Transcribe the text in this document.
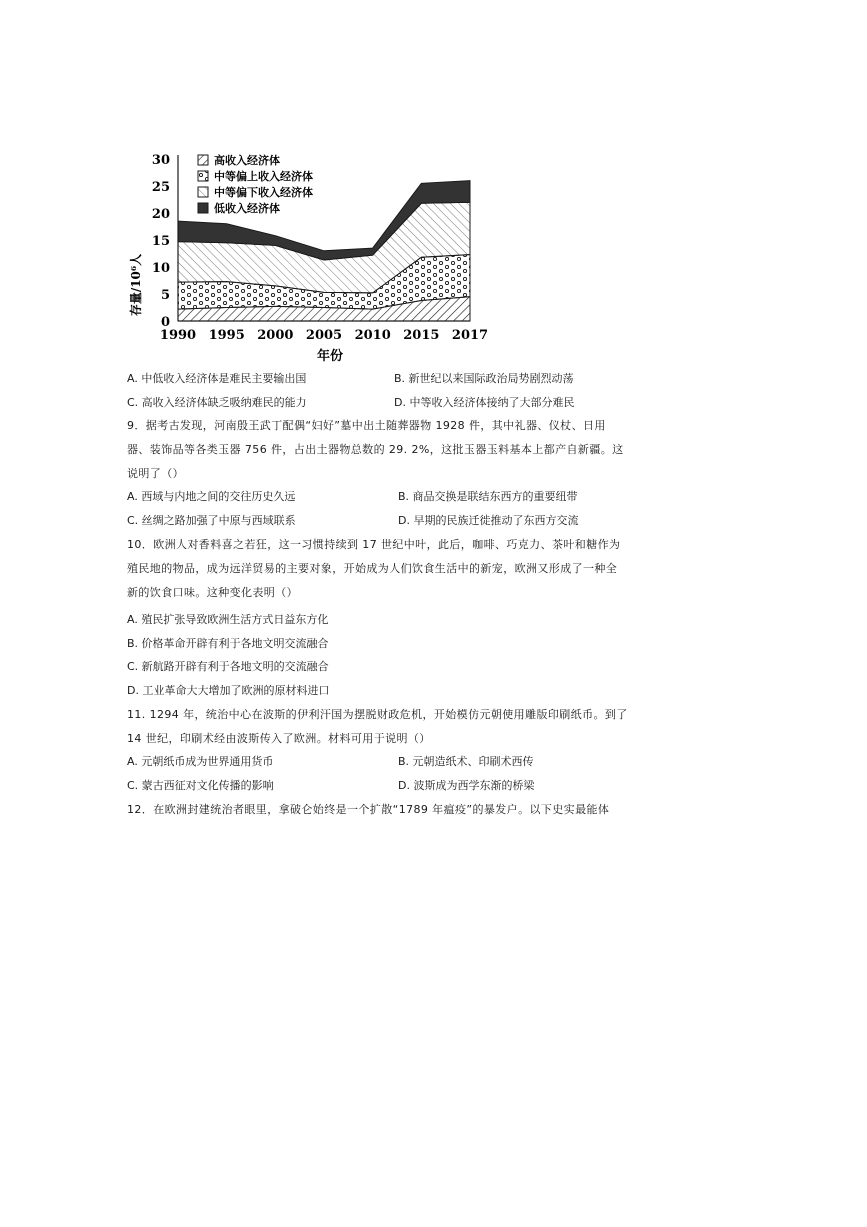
0
5
10
15
20
25
30
1990 1995 2000 2005 2010 2015 2017
高收入经济体
中等偏上收入经济体
中等偏下收入经济体
低收入经济体
存量/10⁶人
年份
A. 中低收入经济体是难民主要输出国	B. 新世纪以来国际政治局势剧烈动荡
C. 高收入经济体缺乏吸纳难民的能力	D. 中等收入经济体接纳了大部分难民
9．据考古发现，河南殷王武丁配偶“妇好”墓中出土随葬器物 1928 件，其中礼器、仪杖、日用
器、装饰品等各类玉器 756 件，占出土器物总数的 29. 2%，这批玉器玉料基本上都产自新疆。这
说明了（）
A. 西域与内地之间的交往历史久远	B. 商品交换是联结东西方的重要纽带
C. 丝绸之路加强了中原与西域联系	D. 早期的民族迁徙推动了东西方交流
10．欧洲人对香料喜之若狂，这一习惯持续到 17 世纪中叶，此后，咖啡、巧克力、茶叶和糖作为
殖民地的物品，成为远洋贸易的主要对象，开始成为人们饮食生活中的新宠，欧洲又形成了一种全
新的饮食口味。这种变化表明（）
A. 殖民扩张导致欧洲生活方式日益东方化
B. 价格革命开辟有利于各地文明交流融合
C. 新航路开辟有利于各地文明的交流融合
D. 工业革命大大增加了欧洲的原材料进口
11. 1294 年，统治中心在波斯的伊利汗国为摆脱财政危机，开始模仿元朝使用雕版印刷纸币。到了
14 世纪，印刷术经由波斯传入了欧洲。材料可用于说明（）
A. 元朝纸币成为世界通用货币	B. 元朝造纸术、印刷术西传
C. 蒙古西征对文化传播的影响	D. 波斯成为西学东渐的桥梁
12．在欧洲封建统治者眼里，拿破仑始终是一个扩散“1789 年瘟疫”的暴发户。以下史实最能体
